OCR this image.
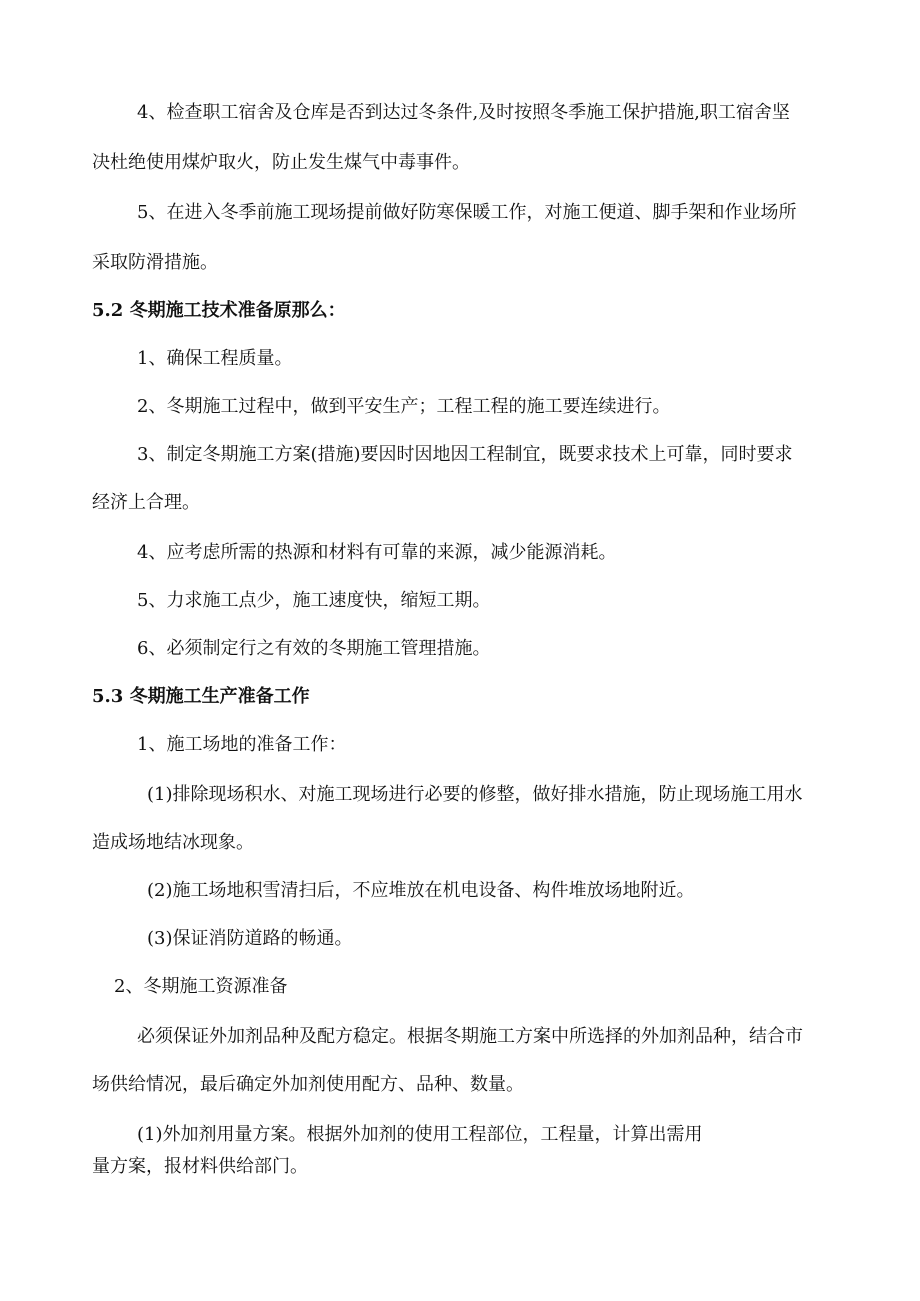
4、检查职工宿舍及仓库是否到达过冬条件,及时按照冬季施工保护措施,职工宿舍坚
决杜绝使用煤炉取火，防止发生煤气中毒事件。
5、在进入冬季前施工现场提前做好防寒保暖工作，对施工便道、脚手架和作业场所
采取防滑措施。
5.2 冬期施工技术准备原那么：
1、确保工程质量。
2、冬期施工过程中，做到平安生产；工程工程的施工要连续进行。
3、制定冬期施工方案(措施)要因时因地因工程制宜，既要求技术上可靠，同时要求
经济上合理。
4、应考虑所需的热源和材料有可靠的来源，减少能源消耗。
5、力求施工点少，施工速度快，缩短工期。
6、必须制定行之有效的冬期施工管理措施。
5.3 冬期施工生产准备工作
1、施工场地的准备工作：
(1)排除现场积水、对施工现场进行必要的修整，做好排水措施，防止现场施工用水
造成场地结冰现象。
(2)施工场地积雪清扫后，不应堆放在机电设备、构件堆放场地附近。
(3)保证消防道路的畅通。
2、冬期施工资源准备
必须保证外加剂品种及配方稳定。根据冬期施工方案中所选择的外加剂品种，结合市
场供给情况，最后确定外加剂使用配方、品种、数量。
(1)外加剂用量方案。根据外加剂的使用工程部位，工程量，计算出需用
量方案，报材料供给部门。
